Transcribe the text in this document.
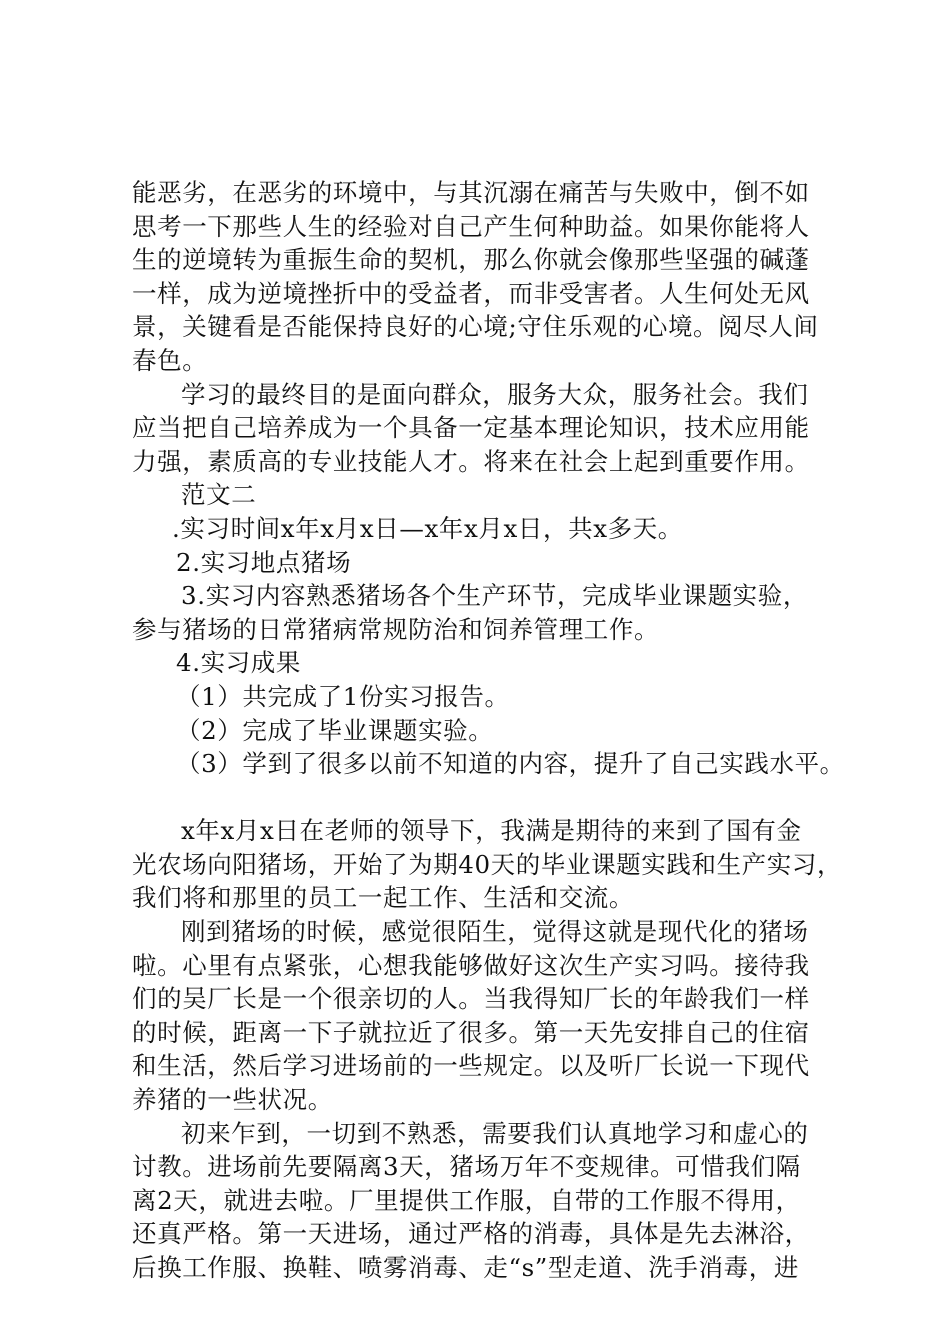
能恶劣，在恶劣的环境中，与其沉溺在痛苦与失败中，倒不如
思考一下那些人生的经验对自己产生何种助益。如果你能将人
生的逆境转为重振生命的契机，那么你就会像那些坚强的碱蓬
一样，成为逆境挫折中的受益者，而非受害者。人生何处无风
景，关键看是否能保持良好的心境;守住乐观的心境。阅尽人间
春色。
学习的最终目的是面向群众，服务大众，服务社会。我们
应当把自己培养成为一个具备一定基本理论知识，技术应用能
力强，素质高的专业技能人才。将来在社会上起到重要作用。
范文二
.实习时间x年x月x日—x年x月x日，共x多天。
2.实习地点猪场
3.实习内容熟悉猪场各个生产环节，完成毕业课题实验，
参与猪场的日常猪病常规防治和饲养管理工作。
4.实习成果
（1）共完成了1份实习报告。
（2）完成了毕业课题实验。
（3）学到了很多以前不知道的内容，提升了自己实践水平。
x年x月x日在老师的领导下，我满是期待的来到了国有金
光农场向阳猪场，开始了为期40天的毕业课题实践和生产实习，
我们将和那里的员工一起工作、生活和交流。
刚到猪场的时候，感觉很陌生，觉得这就是现代化的猪场
啦。心里有点紧张，心想我能够做好这次生产实习吗。接待我
们的吴厂长是一个很亲切的人。当我得知厂长的年龄我们一样
的时候，距离一下子就拉近了很多。第一天先安排自己的住宿
和生活，然后学习进场前的一些规定。以及听厂长说一下现代
养猪的一些状况。
初来乍到，一切到不熟悉，需要我们认真地学习和虚心的
讨教。进场前先要隔离3天，猪场万年不变规律。可惜我们隔
离2天，就进去啦。厂里提供工作服，自带的工作服不得用，
还真严格。第一天进场，通过严格的消毒，具体是先去淋浴，
后换工作服、换鞋、喷雾消毒、走“s”型走道、洗手消毒，进
